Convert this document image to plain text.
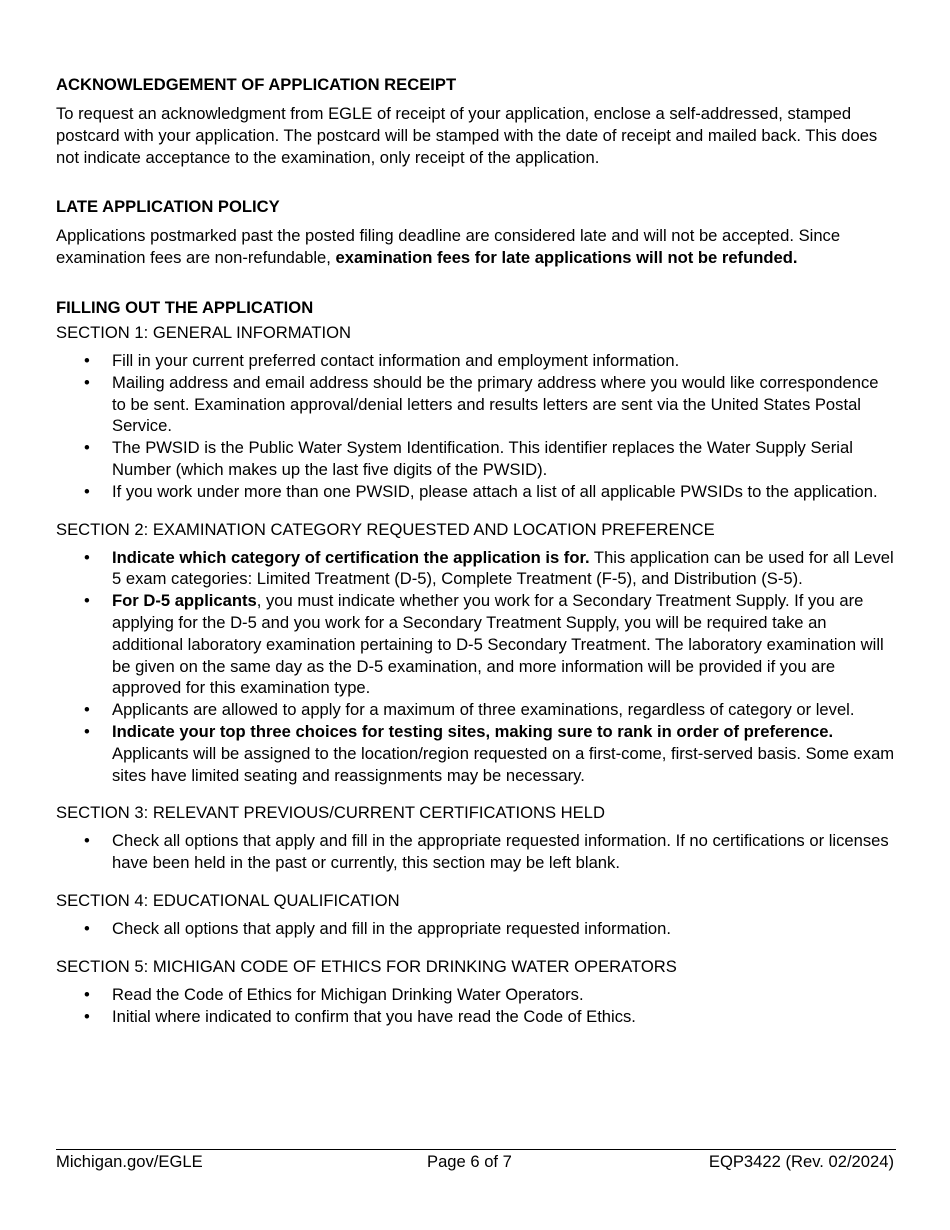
ACKNOWLEDGEMENT OF APPLICATION RECEIPT

To request an acknowledgment from EGLE of receipt of your application, enclose a self-addressed, stamped postcard with your application. The postcard will be stamped with the date of receipt and mailed back. This does not indicate acceptance to the examination, only receipt of the application.

LATE APPLICATION POLICY

Applications postmarked past the posted filing deadline are considered late and will not be accepted. Since examination fees are non-refundable, examination fees for late applications will not be refunded.

FILLING OUT THE APPLICATION
SECTION 1: GENERAL INFORMATION
• Fill in your current preferred contact information and employment information.
• Mailing address and email address should be the primary address where you would like correspondence to be sent. Examination approval/denial letters and results letters are sent via the United States Postal Service.
• The PWSID is the Public Water System Identification. This identifier replaces the Water Supply Serial Number (which makes up the last five digits of the PWSID).
• If you work under more than one PWSID, please attach a list of all applicable PWSIDs to the application.
SECTION 2: EXAMINATION CATEGORY REQUESTED AND LOCATION PREFERENCE
• Indicate which category of certification the application is for. This application can be used for all Level 5 exam categories: Limited Treatment (D-5), Complete Treatment (F-5), and Distribution (S-5).
• For D-5 applicants, you must indicate whether you work for a Secondary Treatment Supply. If you are applying for the D-5 and you work for a Secondary Treatment Supply, you will be required take an additional laboratory examination pertaining to D-5 Secondary Treatment. The laboratory examination will be given on the same day as the D-5 examination, and more information will be provided if you are approved for this examination type.
• Applicants are allowed to apply for a maximum of three examinations, regardless of category or level.
• Indicate your top three choices for testing sites, making sure to rank in order of preference. Applicants will be assigned to the location/region requested on a first-come, first-served basis. Some exam sites have limited seating and reassignments may be necessary.
SECTION 3: RELEVANT PREVIOUS/CURRENT CERTIFICATIONS HELD
• Check all options that apply and fill in the appropriate requested information. If no certifications or licenses have been held in the past or currently, this section may be left blank.
SECTION 4: EDUCATIONAL QUALIFICATION
• Check all options that apply and fill in the appropriate requested information.
SECTION 5: MICHIGAN CODE OF ETHICS FOR DRINKING WATER OPERATORS
• Read the Code of Ethics for Michigan Drinking Water Operators.
• Initial where indicated to confirm that you have read the Code of Ethics.
Michigan.gov/EGLE	Page 6 of 7	EQP3422 (Rev. 02/2024)
